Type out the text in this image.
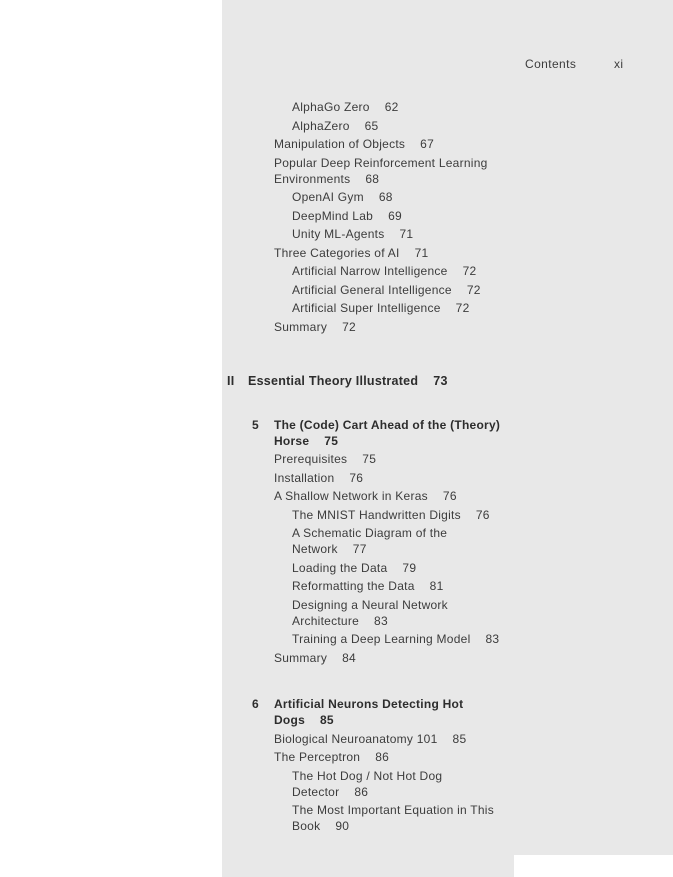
Contents	xi
AlphaGo Zero 62
AlphaZero 65
Manipulation of Objects 67
Popular Deep Reinforcement Learning
Environments 68
OpenAI Gym 68
DeepMind Lab 69
Unity ML-Agents 71
Three Categories of AI 71
Artificial Narrow Intelligence 72
Artificial General Intelligence 72
Artificial Super Intelligence 72
Summary 72
II Essential Theory Illustrated 73
5 The (Code) Cart Ahead of the (Theory)
Horse 75
Prerequisites 75
Installation 76
A Shallow Network in Keras 76
The MNIST Handwritten Digits 76
A Schematic Diagram of the
Network 77
Loading the Data 79
Reformatting the Data 81
Designing a Neural Network
Architecture 83
Training a Deep Learning Model 83
Summary 84
6 Artificial Neurons Detecting Hot
Dogs 85
Biological Neuroanatomy 101 85
The Perceptron 86
The Hot Dog / Not Hot Dog
Detector 86
The Most Important Equation in This
Book 90
